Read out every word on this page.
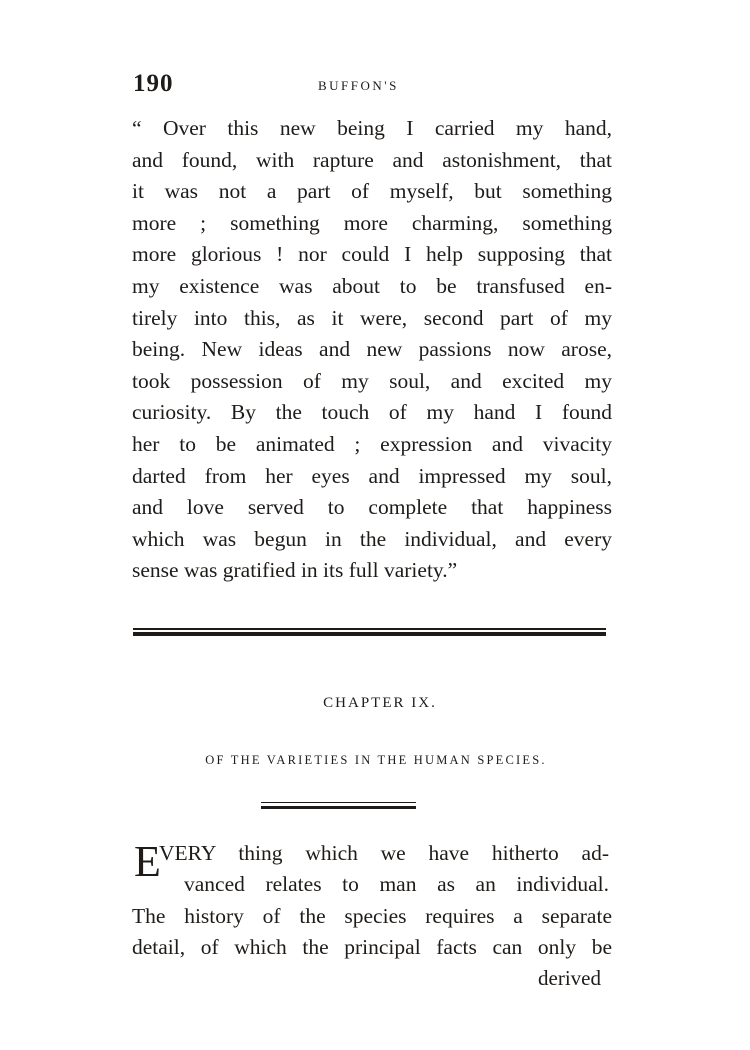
190	BUFFON'S
“ Over this new being I carried my hand,
and found, with rapture and astonishment, that
it was not a part of myself, but something
more ; something more charming, something
more glorious ! nor could I help supposing that
my existence was about to be transfused en-
tirely into this, as it were, second part of my
being. New ideas and new passions now arose,
took possession of my soul, and excited my
curiosity. By the touch of my hand I found
her to be animated ; expression and vivacity
darted from her eyes and impressed my soul,
and love served to complete that happiness
which was begun in the individual, and every
sense was gratified in its full variety.”
CHAPTER IX.
OF THE VARIETIES IN THE HUMAN SPECIES.
E
VERY thing which we have hitherto ad-
vanced relates to man as an individual.
The history of the species requires a separate
detail, of which the principal facts can only be
derived
